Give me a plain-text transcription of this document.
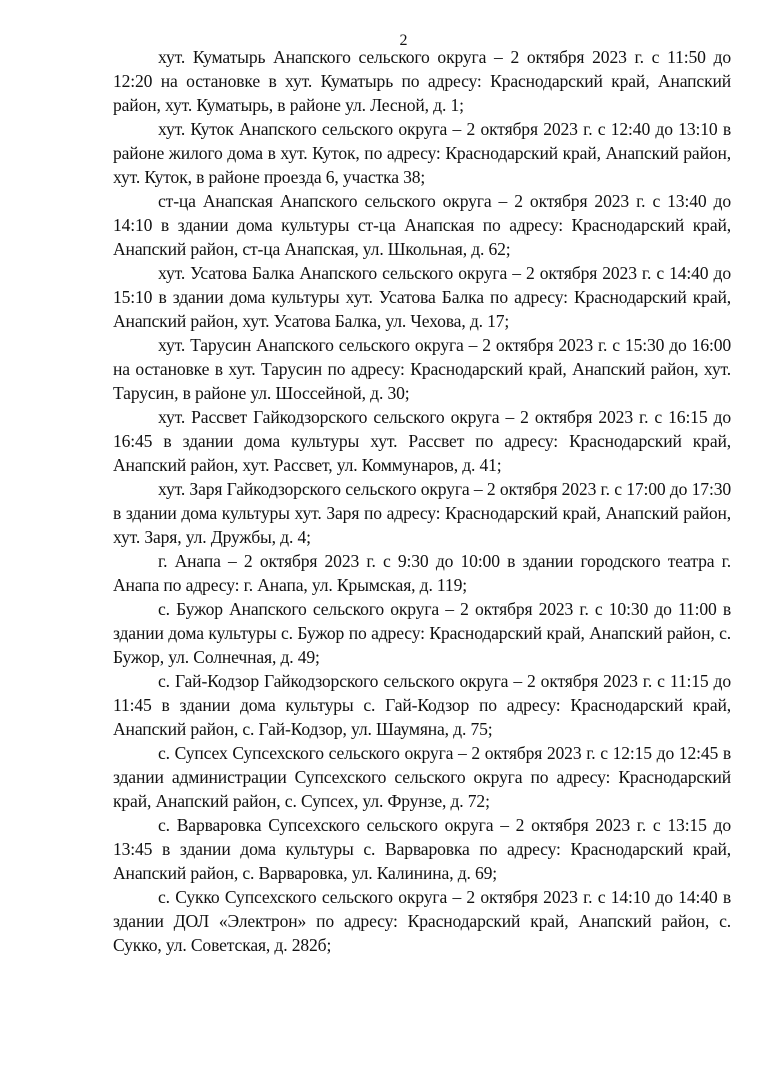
2

хут. Куматырь Анапского сельского округа – 2 октября 2023 г. с 11:50 до 12:20 на остановке в хут. Куматырь по адресу: Краснодарский край, Анапский район, хут. Куматырь, в районе ул. Лесной, д. 1;

хут. Куток Анапского сельского округа – 2 октября 2023 г. с 12:40 до 13:10 в районе жилого дома в хут. Куток, по адресу: Краснодарский край, Анапский район, хут. Куток, в районе проезда 6, участка 38;

ст-ца Анапская Анапского сельского округа – 2 октября 2023 г. с 13:40 до 14:10 в здании дома культуры ст-ца Анапская по адресу: Краснодарский край, Анапский район, ст-ца Анапская, ул. Школьная, д. 62;

хут. Усатова Балка Анапского сельского округа – 2 октября 2023 г. с 14:40 до 15:10 в здании дома культуры хут. Усатова Балка по адресу: Краснодарский край, Анапский район, хут. Усатова Балка, ул. Чехова, д. 17;

хут. Тарусин Анапского сельского округа – 2 октября 2023 г. с 15:30 до 16:00 на остановке в хут. Тарусин по адресу: Краснодарский край, Анапский район, хут. Тарусин, в районе ул. Шоссейной, д. 30;

хут. Рассвет Гайкодзорского сельского округа – 2 октября 2023 г. с 16:15 до 16:45 в здании дома культуры хут. Рассвет по адресу: Краснодарский край, Анапский район, хут. Рассвет, ул. Коммунаров, д. 41;

хут. Заря Гайкодзорского сельского округа – 2 октября 2023 г. с 17:00 до 17:30 в здании дома культуры хут. Заря по адресу: Краснодарский край, Анапский район, хут. Заря, ул. Дружбы, д. 4;

г. Анапа – 2 октября 2023 г. с 9:30 до 10:00 в здании городского театра г. Анапа по адресу: г. Анапа, ул. Крымская, д. 119;

с. Бужор Анапского сельского округа – 2 октября 2023 г. с 10:30 до 11:00 в здании дома культуры с. Бужор по адресу: Краснодарский край, Анапский район, с. Бужор, ул. Солнечная, д. 49;

с. Гай-Кодзор Гайкодзорского сельского округа – 2 октября 2023 г. с 11:15 до 11:45 в здании дома культуры с. Гай-Кодзор по адресу: Краснодарский край, Анапский район, с. Гай-Кодзор, ул. Шаумяна, д. 75;

с. Супсех Супсехского сельского округа – 2 октября 2023 г. с 12:15 до 12:45 в здании администрации Супсехского сельского округа по адресу: Краснодарский край, Анапский район, с. Супсех, ул. Фрунзе, д. 72;

с. Варваровка Супсехского сельского округа – 2 октября 2023 г. с 13:15 до 13:45 в здании дома культуры с. Варваровка по адресу: Краснодарский край, Анапский район, с. Варваровка, ул. Калинина, д. 69;

с. Сукко Супсехского сельского округа – 2 октября 2023 г. с 14:10 до 14:40 в здании ДОЛ «Электрон» по адресу: Краснодарский край, Анапский район, с. Сукко, ул. Советская, д. 282б;
